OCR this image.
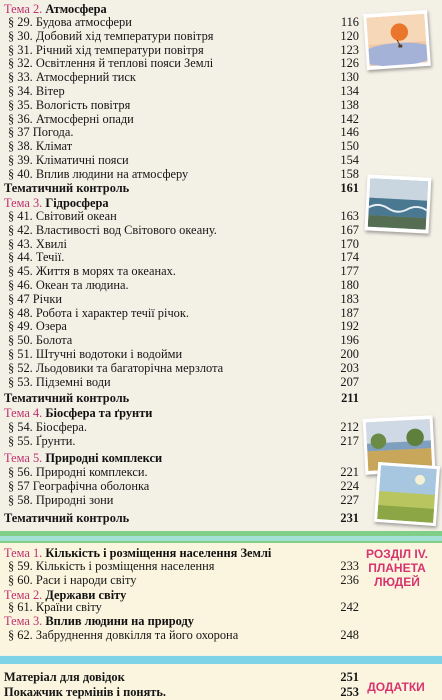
Тема 2. Атмосфера
§ 29. Будова атмосфери	116
§ 30. Добовий хід температури повітря	120
§ 31. Річний хід температури повітря	123
§ 32. Освітлення й теплові пояси Землі	126
§ 33. Атмосферний тиск	130
§ 34. Вітер	134
§ 35. Вологість повітря	138
§ 36. Атмосферні опади	142
§ 37 Погода.	146
§ 38. Клімат	150
§ 39. Кліматичні пояси	154
§ 40. Вплив людини на атмосферу	158
Тематичний контроль	161
Тема 3. Гідросфера
§ 41. Світовий океан	163
§ 42. Властивості вод Світового океану.	167
§ 43. Хвилі	170
§ 44. Течії.	174
§ 45. Життя в морях та океанах.	177
§ 46. Океан та людина.	180
§ 47 Річки	183
§ 48. Робота і характер течії річок.	187
§ 49. Озера	192
§ 50. Болота	196
§ 51. Штучні водотоки і водойми	200
§ 52. Льодовики та багаторічна мерзлота	203
§ 53. Підземні води	207
Тематичний контроль	211
Тема 4. Біосфера та ґрунти
§ 54. Біосфера.	212
§ 55. Ґрунти.	217
Тема 5. Природні комплекси
§ 56. Природні комплекси.	221
§ 57 Географічна оболонка	224
§ 58. Природні зони	227
Тематичний контроль	231
РОЗДІЛ IV.
ПЛАНЕТА
ЛЮДЕЙ
Тема 1. Кількість і розміщення населення Землі
§ 59. Кількість і розміщення населення	233
§ 60. Раси і народи світу	236
Тема 2. Держави світу
§ 61. Країни світу	242
Тема 3. Вплив людини на природу
§ 62. Забруднення довкілля та його охорона	248
ДОДАТКИ
Матеріал для довідок	251
Покажчик термінів і понять.	253
